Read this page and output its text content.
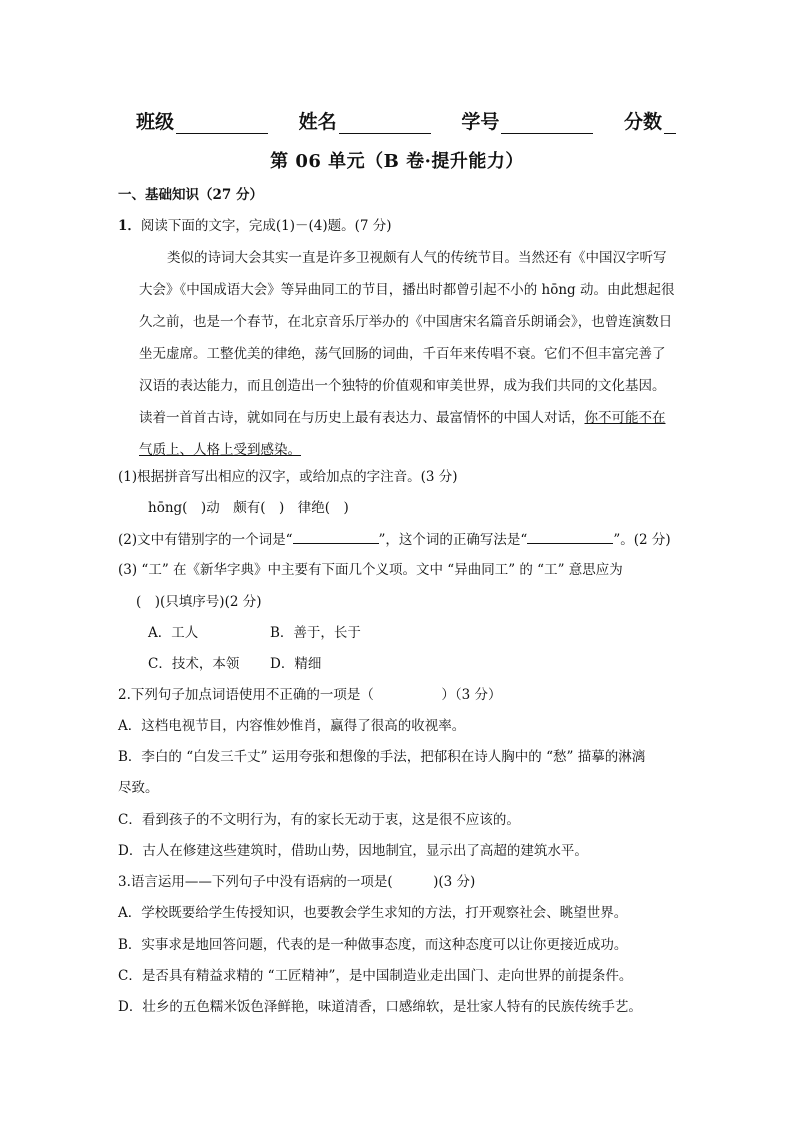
班级	姓名	学号	分数
第 06 单元（B 卷·提升能力）
一、基础知识（27 分）
1．阅读下面的文字，完成(1)－(4)题。(7 分)
类似的诗词大会其实一直是许多卫视颇有人气的传统节目。当然还有《中国汉字听写大会》《中国成语大会》等异曲同工的节目，播出时都曾引起不小的 hōng 动。由此想起很久之前，也是一个春节，在北京音乐厅举办的《中国唐宋名篇音乐朗诵会》，也曾连演数日坐无虚席。工整优美的律绝，荡气回肠的词曲，千百年来传唱不衰。它们不但丰富完善了汉语的表达能力，而且创造出一个独特的价值观和审美世界，成为我们共同的文化基因。读着一首首古诗，就如同在与历史上最有表达力、最富情怀的中国人对话，你不可能不在气质上、人格上受到感染。
(1)根据拼音写出相应的汉字，或给加点的字注音。(3 分)
hōng(　)动　颇有(　)　律绝(　)
(2)文中有错别字的一个词是“	”，这个词的正确写法是“	”。(2 分)
(3) “工” 在《新华字典》中主要有下面几个义项。文中 “异曲同工” 的 “工” 意思应为
(　)(只填序号)(2 分)
A．工人	B．善于，长于
C．技术，本领 D．精细
2.下列句子加点词语使用不正确的一项是（　　　　　）（3 分）
A．这档电视节目，内容惟妙惟肖，赢得了很高的收视率。
B．李白的 “白发三千丈” 运用夸张和想像的手法，把郁积在诗人胸中的 “愁” 描摹的淋漓
尽致。
C．看到孩子的不文明行为，有的家长无动于衷，这是很不应该的。
D．古人在修建这些建筑时，借助山势，因地制宜，显示出了高超的建筑水平。
3.语言运用——下列句子中没有语病的一项是(　　　)(3 分)
A．学校既要给学生传授知识，也要教会学生求知的方法，打开观察社会、眺望世界。
B．实事求是地回答问题，代表的是一种做事态度，而这种态度可以让你更接近成功。
C．是否具有精益求精的 “工匠精神”，是中国制造业走出国门、走向世界的前提条件。
D．壮乡的五色糯米饭色泽鲜艳，味道清香，口感绵软，是壮家人特有的民族传统手艺。
